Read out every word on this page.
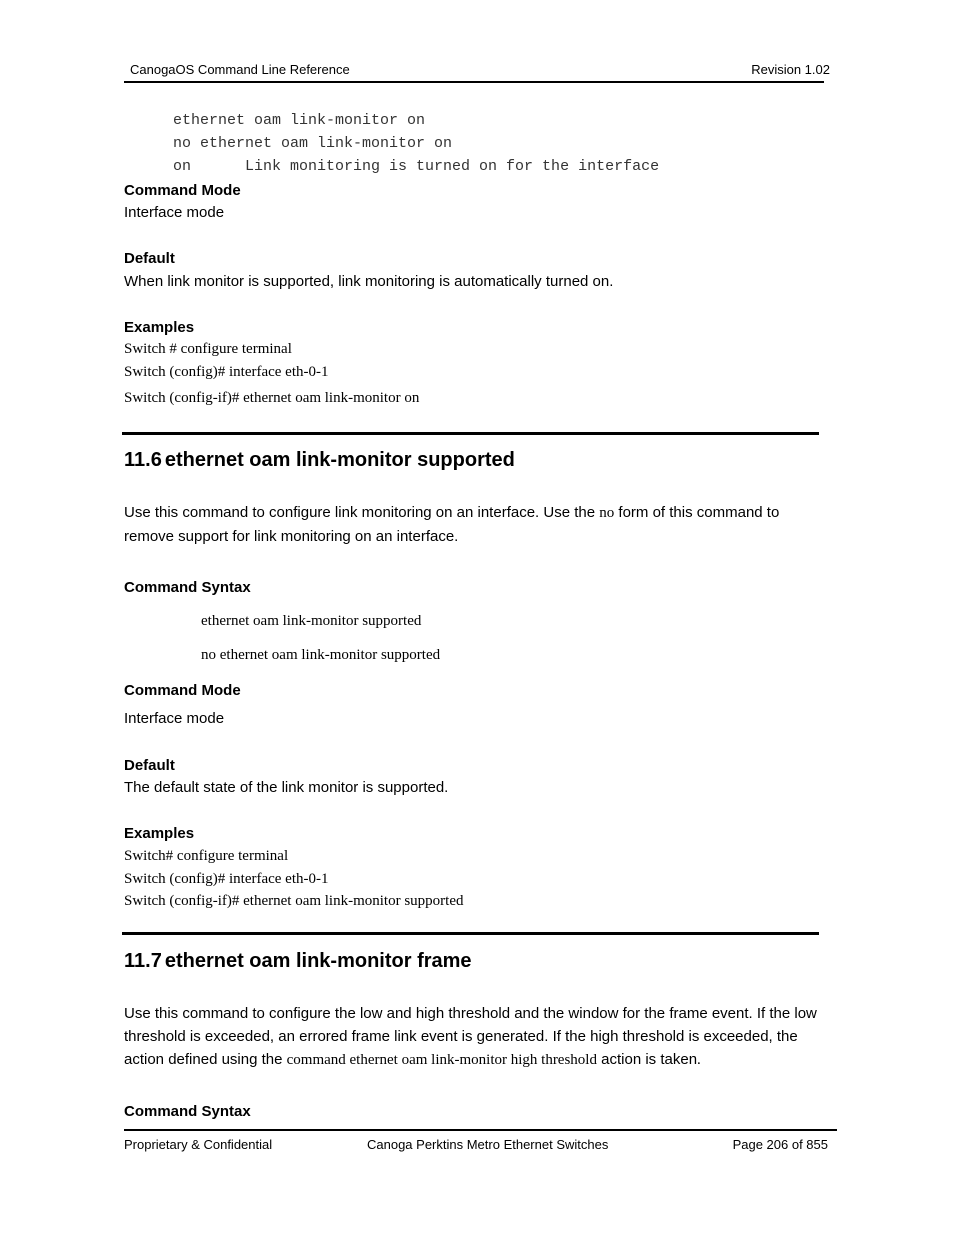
CanogaOS Command Line Reference	Revision 1.02
ethernet oam link-monitor on
no ethernet oam link-monitor on
on      Link monitoring is turned on for the interface
Command Mode
Interface mode
Default
When link monitor is supported, link monitoring is automatically turned on.
Examples
Switch # configure terminal
Switch (config)# interface eth-0-1
Switch (config-if)# ethernet oam link-monitor on
11.6 ethernet oam link-monitor supported
Use this command to configure link monitoring on an interface. Use the no form of this command to
remove support for link monitoring on an interface.
Command Syntax
ethernet oam link-monitor supported
no ethernet oam link-monitor supported
Command Mode
Interface mode
Default
The default state of the link monitor is supported.
Examples
Switch# configure terminal
Switch (config)# interface eth-0-1
Switch (config-if)# ethernet oam link-monitor supported
11.7 ethernet oam link-monitor frame
Use this command to configure the low and high threshold and the window for the frame event. If the low
threshold is exceeded, an errored frame link event is generated. If the high threshold is exceeded, the
action defined using the command ethernet oam link-monitor high threshold action is taken.
Command Syntax
Proprietary & Confidential	Canoga Perktins Metro Ethernet Switches	Page 206 of 855
